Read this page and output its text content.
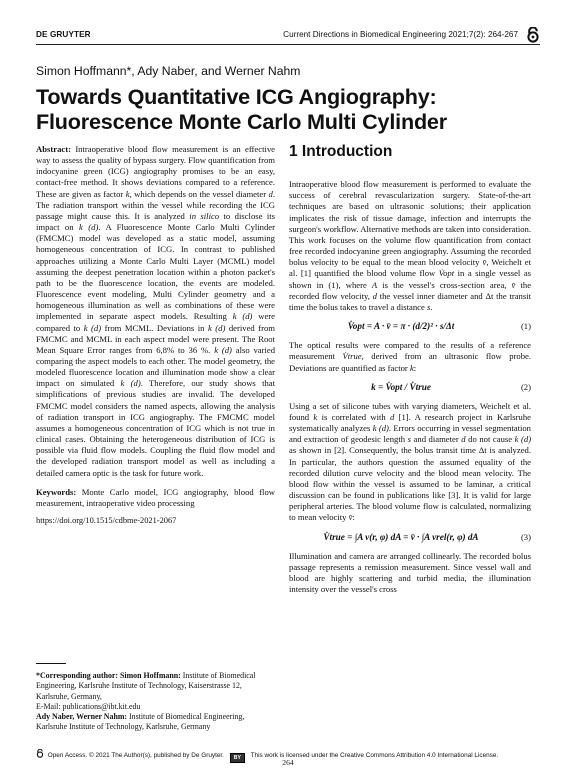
DE GRUYTER	Current Directions in Biomedical Engineering 2021;7(2): 264-267
Simon Hoffmann*, Ady Naber, and Werner Nahm
Towards Quantitative ICG Angiography:
Fluorescence Monte Carlo Multi Cylinder

Abstract: Intraoperative blood flow measurement is an effective way to assess the quality of bypass surgery. Flow quantification from indocyanine green (ICG) angiography promises to be an easy, contact-free method. It shows deviations compared to a reference. These are given as factor k, which depends on the vessel diameter d. The radiation transport within the vessel while recording the ICG passage might cause this. It is analyzed in silico to disclose its impact on k (d). A Fluorescence Monte Carlo Multi Cylinder (FMCMC) model was developed as a static model, assuming homogeneous concentration of ICG. In contrast to published approaches utilizing a Monte Carlo Multi Layer (MCML) model assuming the deepest penetration location within a photon packet's path to be the fluorescence location, the events are modeled. Fluorescence event modeling, Multi Cylinder geometry and a homogeneous illumination as well as combinations of these were implemented in separate aspect models. Resulting k (d) were compared to k (d) from MCML. Deviations in k (d) derived from FMCMC and MCML in each aspect model were present. The Root Mean Square Error ranges from 6,8% to 36 %. k (d) also varied comparing the aspect models to each other. The model geometry, the modeled fluorescence location and illumination mode show a clear impact on simulated k (d). Therefore, our study shows that simplifications of previous studies are invalid. The developed FMCMC model considers the named aspects, allowing the analysis of radiation transport in ICG angiography. The FMCMC model assumes a homogeneous concentration of ICG which is not true in clinical cases. Obtaining the heterogeneous distribution of ICG is possible via fluid flow models. Coupling the fluid flow model and the developed radiation transport model as well as including a detailed camera optic is the task for future work.

Keywords: Monte Carlo model, ICG angiography, blood flow measurement, intraoperative video processing

https://doi.org/10.1515/cdbme-2021-2067

*Corresponding author: Simon Hoffmann: Institute of Biomedical Engineering, Karlsruhe Institute of Technology, Kaiserstrasse 12, Karlsruhe, Germany,
E-Mail: publications@ibt.kit.edu
Ady Naber, Werner Nahm: Institute of Biomedical Engineering, Karlsruhe Institute of Technology, Karlsruhe, Germany

1 Introduction

Intraoperative blood flow measurement is performed to evaluate the success of cerebral revascularization surgery. State-of-the-art techniques are based on ultrasonic solutions; their application implicates the risk of tissue damage, infection and interrupts the surgeon's workflow. Alternative methods are taken into consideration. This work focuses on the volume flow quantification from contact free recorded indocyanine green angiography. Assuming the recorded bolus velocity to be equal to the mean blood velocity v̄, Weichelt et al. [1] quantified the blood volume flow V̇opt in a single vessel as shown in (1), where A is the vessel's cross-section area, v̄ the recorded flow velocity, d the vessel inner diameter and Δt the transit time the bolus takes to travel a distance s.

V̇opt = A · v̄ = π · (d/2)² · s/Δt	(1)

The optical results were compared to the results of a reference measurement V̇true, derived from an ultrasonic flow probe. Deviations are quantified as factor k:

k = V̇opt / V̇true	(2)

Using a set of silicone tubes with varying diameters, Weichelt et al. found k is correlated with d [1]. A research project in Karlsruhe systematically analyzes k (d). Errors occurring in vessel segmentation and extraction of geodesic length s and diameter d do not cause k (d) as shown in [2]. Consequently, the bolus transit time Δt is analyzed. In particular, the authors question the assumed equality of the recorded dilution curve velocity and the blood mean velocity. The blood flow within the vessel is assumed to be laminar, a critical discussion can be found in publications like [3]. It is valid for large peripheral arteries. The blood volume flow is calculated, normalizing to mean velocity v̄:

V̇true = ∫A v(r, φ) dA = v̄ · ∫A vrel(r, φ) dA	(3)

Illumination and camera are arranged collinearly. The recorded bolus passage represents a remission measurement. Since vessel wall and blood are highly scattering and turbid media, the illumination intensity over the vessel's cross

Open Access. © 2021 The Author(s), published by De Gruyter. BY This work is licensed under the Creative Commons Attribution 4.0 International License.
264
